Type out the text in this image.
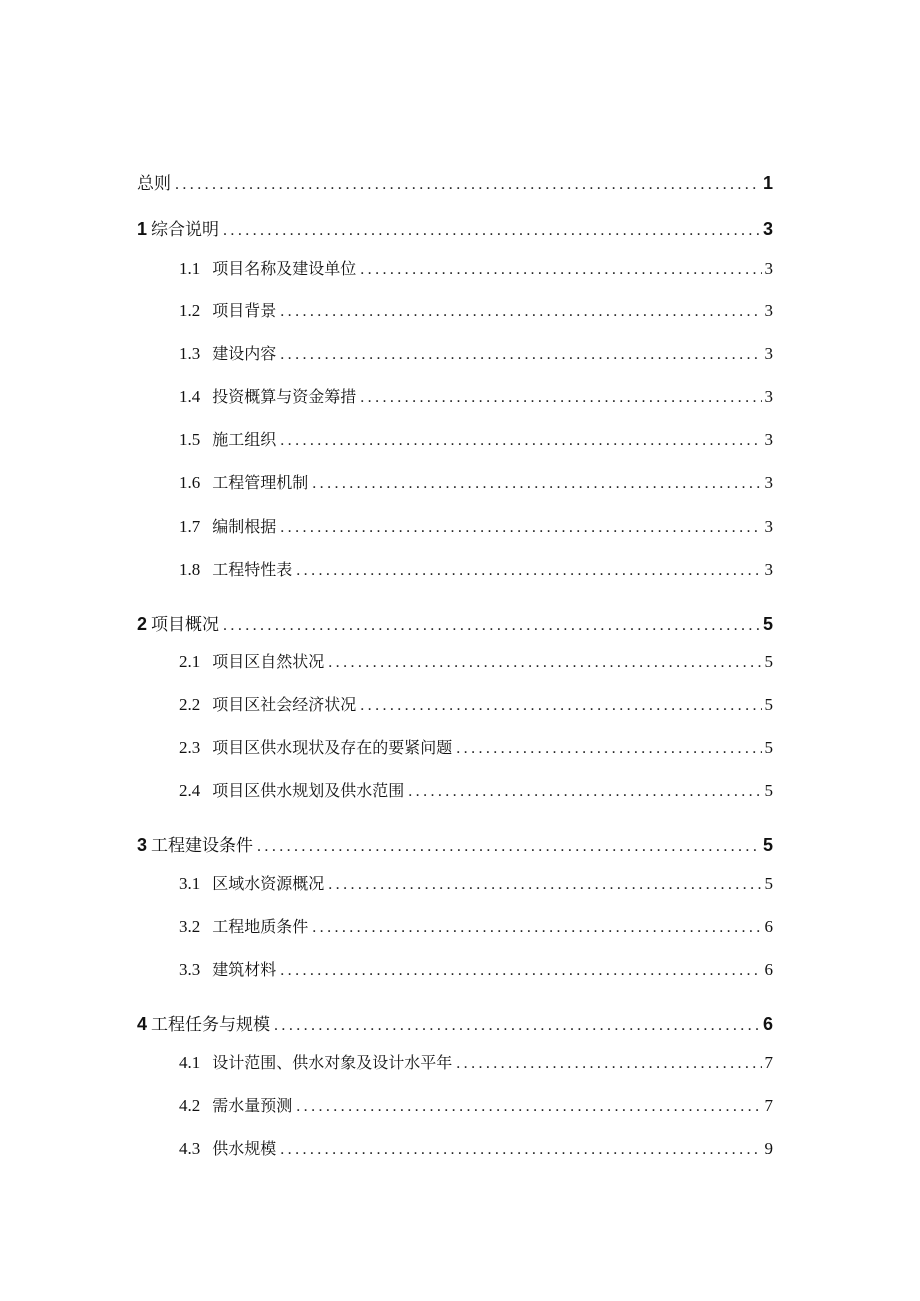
总则 .....	1
1 综合说明 .....	3
1.1 项目名称及建设单位 .....	3
1.2 项目背景 .....	3
1.3 建设内容 .....	3
1.4 投资概算与资金筹措 .....	3
1.5 施工组织 .....	3
1.6 工程管理机制 .....	3
1.7 编制根据 .....	3
1.8 工程特性表 .....	3
2 项目概况 .....	5
2.1 项目区自然状况 .....	5
2.2 项目区社会经济状况 .....	5
2.3 项目区供水现状及存在的要紧问题 .....	5
2.4 项目区供水规划及供水范围 .....	5
3 工程建设条件 .....	5
3.1 区域水资源概况 .....	5
3.2 工程地质条件 .....	6
3.3 建筑材料 .....	6
4 工程任务与规模 .....	6
4.1 设计范围、供水对象及设计水平年 .....	7
4.2 需水量预测 .....	7
4.3 供水规模 .....	9
